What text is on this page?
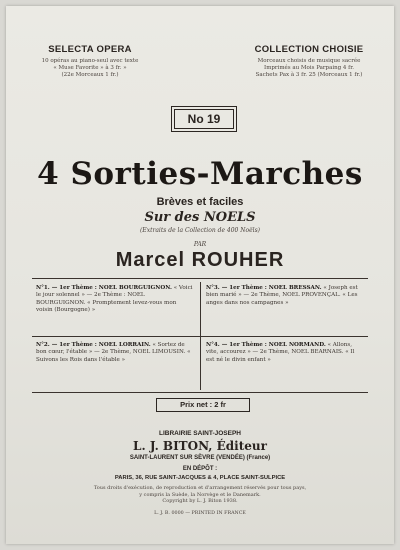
SELECTA OPERA
10 opéras au piano-seul avec texte
« Muse Favorite » à 3 fr. »
(22e Morceaux 1 fr.)
COLLECTION CHOISIE
Morceaux choisis de musique sacrée
Imprimés au Mois Parpaing 4 fr.
Sachets Pax à 3 fr. 25 (Morceaux 1 fr.)
No 19
4 Sorties-Marches
Brèves et faciles
Sur des NOELS
(Extraits de la Collection de 400 Noëls)
PAR
Marcel ROUHER
N°1. — 1er Thème : NOEL BOURGUIGNON. « Voici le jour solennel » — 2e Thème : NOEL BOURGUIGNON. « Promptement levez-vous mon voisin (Bourgogne) »
N°3. — 1er Thème : NOEL BRESSAN. « Joseph est bien marié » — 2e Thème, NOEL PROVENÇAL. « Les anges dans nos campagnes »
N°2. — 1er Thème : NOEL LORRAIN. « Sortez de bon cœur, l'étable » — 2e Thème, NOEL LIMOUSIN. « Suivons les Rois dans l'étable »
N°4. — 1er Thème : NOEL NORMAND. « Allons, vite, accourez » — 2e Thème, NOEL BEARNAIS. « Il est né le divin enfant »
Prix net : 2 fr
LIBRAIRIE SAINT-JOSEPH
L. J. BITON, Éditeur
SAINT-LAURENT SUR SÈVRE (VENDÉE) (France)
EN DÉPÔT :
PARIS, 36, RUE SAINT-JACQUES & 4, PLACE SAINT-SULPICE
Tous droits d'exécution, de reproduction et d'arrangement réservés pour tous pays,
y compris la Suède, la Norvège et le Danemark.
Copyright by L. J. Biton 1938.
L. J. B. 0000 — PRINTED IN FRANCE
